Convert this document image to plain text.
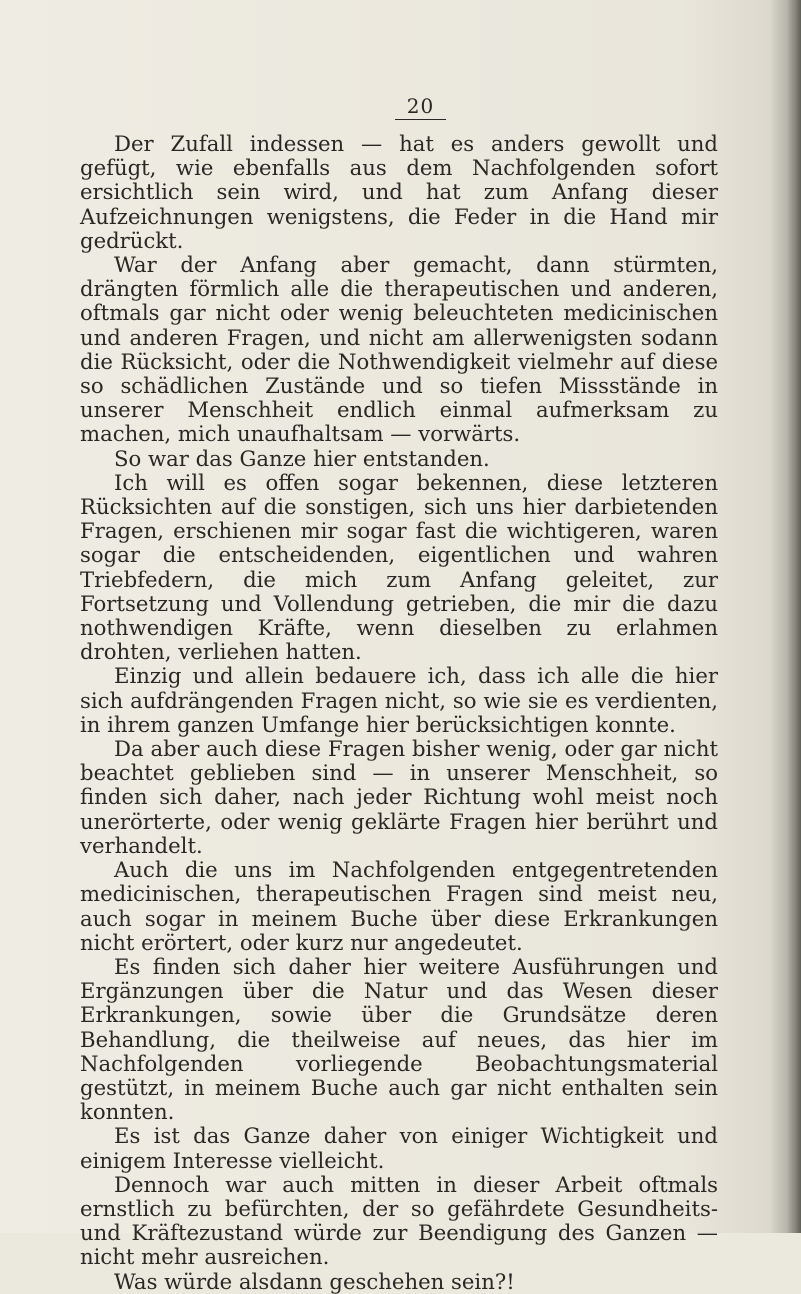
20

Der Zufall indessen — hat es anders gewollt und gefügt, wie ebenfalls aus dem Nachfolgenden sofort ersichtlich sein wird, und hat zum Anfang dieser Aufzeichnungen wenigstens, die Feder in die Hand mir gedrückt.

War der Anfang aber gemacht, dann stürmten, drängten förmlich alle die therapeutischen und anderen, oftmals gar nicht oder wenig beleuchteten medicinischen und anderen Fragen, und nicht am allerwenigsten sodann die Rücksicht, oder die Nothwendigkeit vielmehr auf diese so schädlichen Zustände und so tiefen Missstände in unserer Menschheit endlich einmal aufmerksam zu machen, mich unaufhaltsam — vorwärts.

So war das Ganze hier entstanden.

Ich will es offen sogar bekennen, diese letzteren Rücksichten auf die sonstigen, sich uns hier darbietenden Fragen, erschienen mir sogar fast die wichtigeren, waren sogar die entscheidenden, eigentlichen und wahren Triebfedern, die mich zum Anfang geleitet, zur Fortsetzung und Vollendung getrieben, die mir die dazu nothwendigen Kräfte, wenn dieselben zu erlahmen drohten, verliehen hatten.

Einzig und allein bedauere ich, dass ich alle die hier sich aufdrängenden Fragen nicht, so wie sie es verdienten, in ihrem ganzen Umfange hier berücksichtigen konnte.

Da aber auch diese Fragen bisher wenig, oder gar nicht beachtet geblieben sind — in unserer Menschheit, so finden sich daher, nach jeder Richtung wohl meist noch unerörterte, oder wenig geklärte Fragen hier berührt und verhandelt.

Auch die uns im Nachfolgenden entgegentretenden medicinischen, therapeutischen Fragen sind meist neu, auch sogar in meinem Buche über diese Erkrankungen nicht erörtert, oder kurz nur angedeutet.

Es finden sich daher hier weitere Ausführungen und Ergänzungen über die Natur und das Wesen dieser Erkrankungen, sowie über die Grundsätze deren Behandlung, die theilweise auf neues, das hier im Nachfolgenden vorliegende Beobachtungsmaterial gestützt, in meinem Buche auch gar nicht enthalten sein konnten.

Es ist das Ganze daher von einiger Wichtigkeit und einigem Interesse vielleicht.

Dennoch war auch mitten in dieser Arbeit oftmals ernstlich zu befürchten, der so gefährdete Gesundheits- und Kräftezustand würde zur Beendigung des Ganzen — nicht mehr ausreichen.

Was würde alsdann geschehen sein?!
